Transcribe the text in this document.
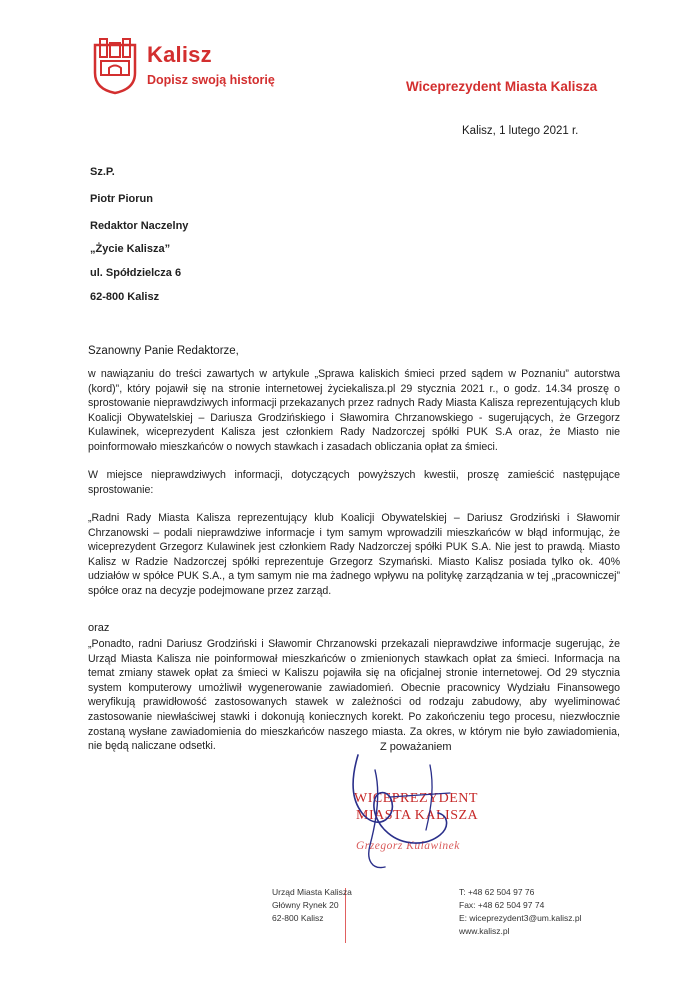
Kalisz
Dopisz swoją historię	Wiceprezydent Miasta Kalisza
Kalisz, 1 lutego 2021 r.
Sz.P.
Piotr Piorun
Redaktor Naczelny
„Życie Kalisza”
ul. Spółdzielcza 6
62-800 Kalisz
Szanowny Panie Redaktorze,
w nawiązaniu do treści zawartych w artykule „Sprawa kaliskich śmieci przed sądem w Poznaniu” autorstwa (kord)”, który pojawił się na stronie internetowej życiekalisza.pl 29 stycznia 2021 r., o godz. 14.34 proszę o sprostowanie nieprawdziwych informacji przekazanych przez radnych Rady Miasta Kalisza reprezentujących klub Koalicji Obywatelskiej – Dariusza Grodzińskiego i Sławomira Chrzanowskiego - sugerujących, że Grzegorz Kulawinek, wiceprezydent Kalisza jest członkiem Rady Nadzorczej spółki PUK S.A oraz, że Miasto nie poinformowało mieszkańców o nowych stawkach i zasadach obliczania opłat za śmieci.
W miejsce nieprawdziwych informacji, dotyczących powyższych kwestii, proszę zamieścić następujące sprostowanie:
„Radni Rady Miasta Kalisza reprezentujący klub Koalicji Obywatelskiej – Dariusz Grodziński i Sławomir Chrzanowski – podali nieprawdziwe informacje i tym samym wprowadzili mieszkańców w błąd informując, że wiceprezydent Grzegorz Kulawinek jest członkiem Rady Nadzorczej spółki PUK S.A. Nie jest to prawdą. Miasto Kalisz w Radzie Nadzorczej spółki reprezentuje Grzegorz Szymański. Miasto Kalisz posiada tylko ok. 40% udziałów w spółce PUK S.A., a tym samym nie ma żadnego wpływu na politykę zarządzania w tej „pracowniczej” spółce oraz na decyzje podejmowane przez zarząd.
oraz
„Ponadto, radni Dariusz Grodziński i Sławomir Chrzanowski przekazali nieprawdziwe informacje sugerując, że Urząd Miasta Kalisza nie poinformował mieszkańców o zmienionych stawkach opłat za śmieci. Informacja na temat zmiany stawek opłat za śmieci w Kaliszu pojawiła się na oficjalnej stronie internetowej. Od 29 stycznia system komputerowy umożliwił wygenerowanie zawiadomień. Obecnie pracownicy Wydziału Finansowego weryfikują prawidłowość zastosowanych stawek w zależności od rodzaju zabudowy, aby wyeliminować zastosowanie niewłaściwej stawki i dokonują koniecznych korekt. Po zakończeniu tego procesu, niezwłocznie zostaną wysłane zawiadomienia do mieszkańców naszego miasta. Za okres, w którym nie było zawiadomienia, nie będą naliczane odsetki.	Z poważaniem
WICEPREZYDENT
MIASTA KALISZA
Grzegorz Kulawinek
Urząd Miasta Kalisza
Główny Rynek 20
62-800 Kalisz
T: +48 62 504 97 76
Fax: +48 62 504 97 74
E: wiceprezydent3@um.kalisz.pl
www.kalisz.pl
